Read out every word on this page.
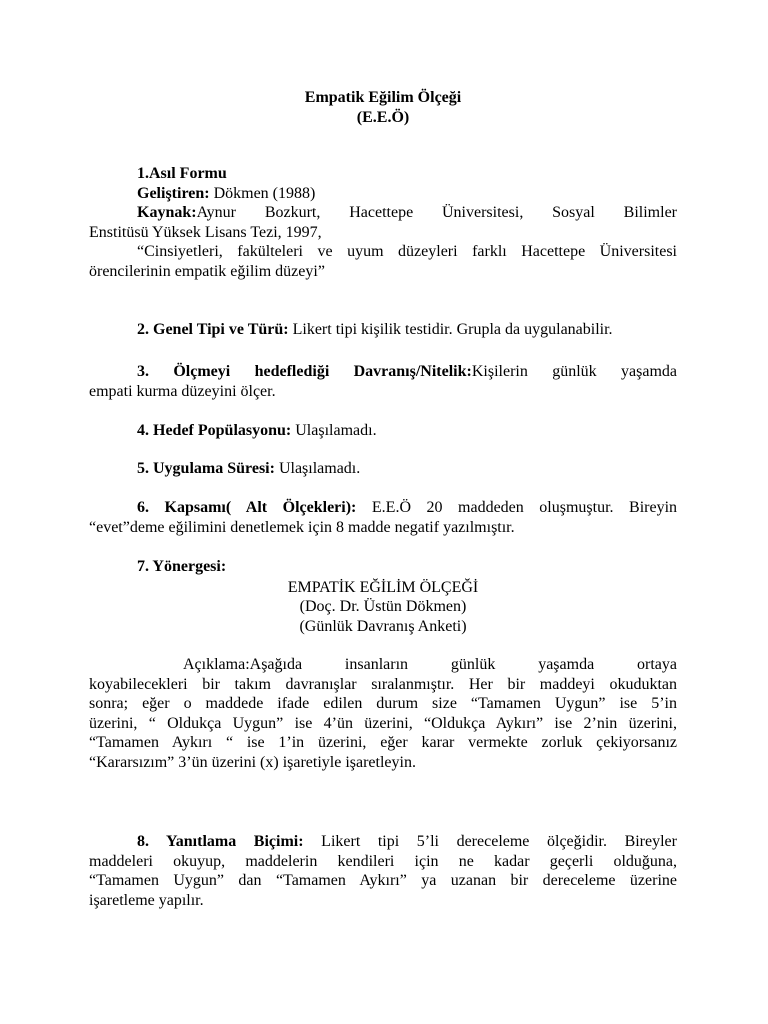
Empatik Eğilim Ölçeği
(E.E.Ö)
1.Asıl Formu
Geliştiren: Dökmen (1988)
Kaynak:Aynur Bozkurt, Hacettepe Üniversitesi, Sosyal Bilimler
Enstitüsü Yüksek Lisans Tezi, 1997,
“Cinsiyetleri, fakülteleri ve uyum düzeyleri farklı Hacettepe Üniversitesi
örencilerinin empatik eğilim düzeyi”
2. Genel Tipi ve Türü: Likert tipi kişilik testidir. Grupla da uygulanabilir.
3. Ölçmeyi hedeflediği Davranış/Nitelik:Kişilerin günlük yaşamda
empati kurma düzeyini ölçer.
4. Hedef Popülasyonu: Ulaşılamadı.
5. Uygulama Süresi: Ulaşılamadı.
6. Kapsamı( Alt Ölçekleri): E.E.Ö 20 maddeden oluşmuştur. Bireyin
“evet”deme eğilimini denetlemek için 8 madde negatif yazılmıştır.
7. Yönergesi:
EMPATİK EĞİLİM ÖLÇEĞİ
(Doç. Dr. Üstün Dökmen)
(Günlük Davranış Anketi)
Açıklama:Aşağıda insanların günlük yaşamda ortaya
koyabilecekleri bir takım davranışlar sıralanmıştır. Her bir maddeyi okuduktan
sonra; eğer o maddede ifade edilen durum size “Tamamen Uygun” ise 5’in
üzerini, “ Oldukça Uygun” ise 4’ün üzerini, “Oldukça Aykırı” ise 2’nin üzerini,
“Tamamen Aykırı “ ise 1’in üzerini, eğer karar vermekte zorluk çekiyorsanız
“Kararsızım” 3’ün üzerini (x) işaretiyle işaretleyin.
8. Yanıtlama Biçimi: Likert tipi 5’li dereceleme ölçeğidir. Bireyler
maddeleri okuyup, maddelerin kendileri için ne kadar geçerli olduğuna,
“Tamamen Uygun” dan “Tamamen Aykırı” ya uzanan bir dereceleme üzerine
işaretleme yapılır.
